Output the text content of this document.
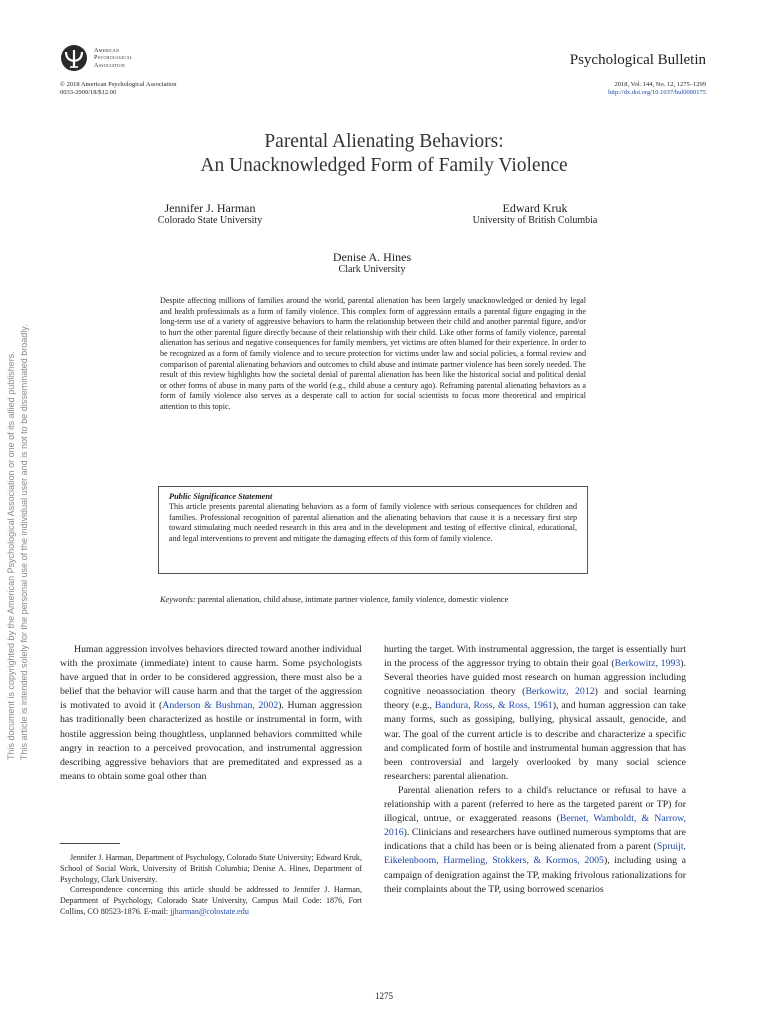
American
Psychological
Association	Psychological Bulletin
© 2018 American Psychological Association
0033-2909/18/$12.00
2018, Vol. 144, No. 12, 1275–1299
http://dx.doi.org/10.1037/bul0000175
Parental Alienating Behaviors:
An Unacknowledged Form of Family Violence
Jennifer J. Harman
Colorado State University
Edward Kruk
University of British Columbia
Denise A. Hines
Clark University
Despite affecting millions of families around the world, parental alienation has been largely unacknowledged or denied by legal and health professionals as a form of family violence. This complex form of aggression entails a parental figure engaging in the long-term use of a variety of aggressive behaviors to harm the relationship between their child and another parental figure, and/or to hurt the other parental figure directly because of their relationship with their child. Like other forms of family violence, parental alienation has serious and negative consequences for family members, yet victims are often blamed for their experience. In order to be recognized as a form of family violence and to secure protection for victims under law and social policies, a formal review and comparison of parental alienating behaviors and outcomes to child abuse and intimate partner violence has been sorely needed. The result of this review highlights how the societal denial of parental alienation has been like the historical social and political denial or other forms of abuse in many parts of the world (e.g., child abuse a century ago). Reframing parental alienating behaviors as a form of family violence also serves as a desperate call to action for social scientists to focus more theoretical and empirical attention to this topic.
Public Significance Statement
This article presents parental alienating behaviors as a form of family violence with serious consequences for children and families. Professional recognition of parental alienation and the alienating behaviors that cause it is a necessary first step toward stimulating much needed research in this area and in the development and testing of effective clinical, educational, and legal interventions to prevent and mitigate the damaging effects of this form of family violence.
Keywords: parental alienation, child abuse, intimate partner violence, family violence, domestic violence

Human aggression involves behaviors directed toward another individual with the proximate (immediate) intent to cause harm. Some psychologists have argued that in order to be considered aggression, there must also be a belief that the behavior will cause harm and that the target of the aggression is motivated to avoid it (Anderson & Bushman, 2002). Human aggression has traditionally been characterized as hostile or instrumental in form, with hostile aggression being thoughtless, unplanned behaviors committed while angry in reaction to a perceived provocation, and instrumental aggression describing aggressive behaviors that are premeditated and expressed as a means to obtain some goal other than

hurting the target. With instrumental aggression, the target is essentially hurt in the process of the aggressor trying to obtain their goal (Berkowitz, 1993). Several theories have guided most research on human aggression including cognitive neoassociation theory (Berkowitz, 2012) and social learning theory (e.g., Bandura, Ross, & Ross, 1961), and human aggression can take many forms, such as gossiping, bullying, physical assault, genocide, and war. The goal of the current article is to describe and characterize a specific and complicated form of hostile and instrumental human aggression that has been controversial and largely overlooked by many social science researchers: parental alienation.

Parental alienation refers to a child's reluctance or refusal to have a relationship with a parent (referred to here as the targeted parent or TP) for illogical, untrue, or exaggerated reasons (Bernet, Wamboldt, & Narrow, 2016). Clinicians and researchers have outlined numerous symptoms that are indications that a child has been or is being alienated from a parent (Spruijt, Eikelenboom, Harmeling, Stokkers, & Kormos, 2005), including using a campaign of denigration against the TP, making frivolous rationalizations for their complaints about the TP, using borrowed scenarios

Jennifer J. Harman, Department of Psychology, Colorado State University; Edward Kruk, School of Social Work, University of British Columbia; Denise A. Hines, Department of Psychology, Clark University.

Correspondence concerning this article should be addressed to Jennifer J. Harman, Department of Psychology, Colorado State University, Campus Mail Code: 1876, Fort Collins, CO 80523-1876. E-mail: jjharman@colostate.edu

1275
This document is copyrighted by the American Psychological Association or one of its allied publishers. This article is intended solely for the personal use of the individual user and is not to be disseminated broadly.
